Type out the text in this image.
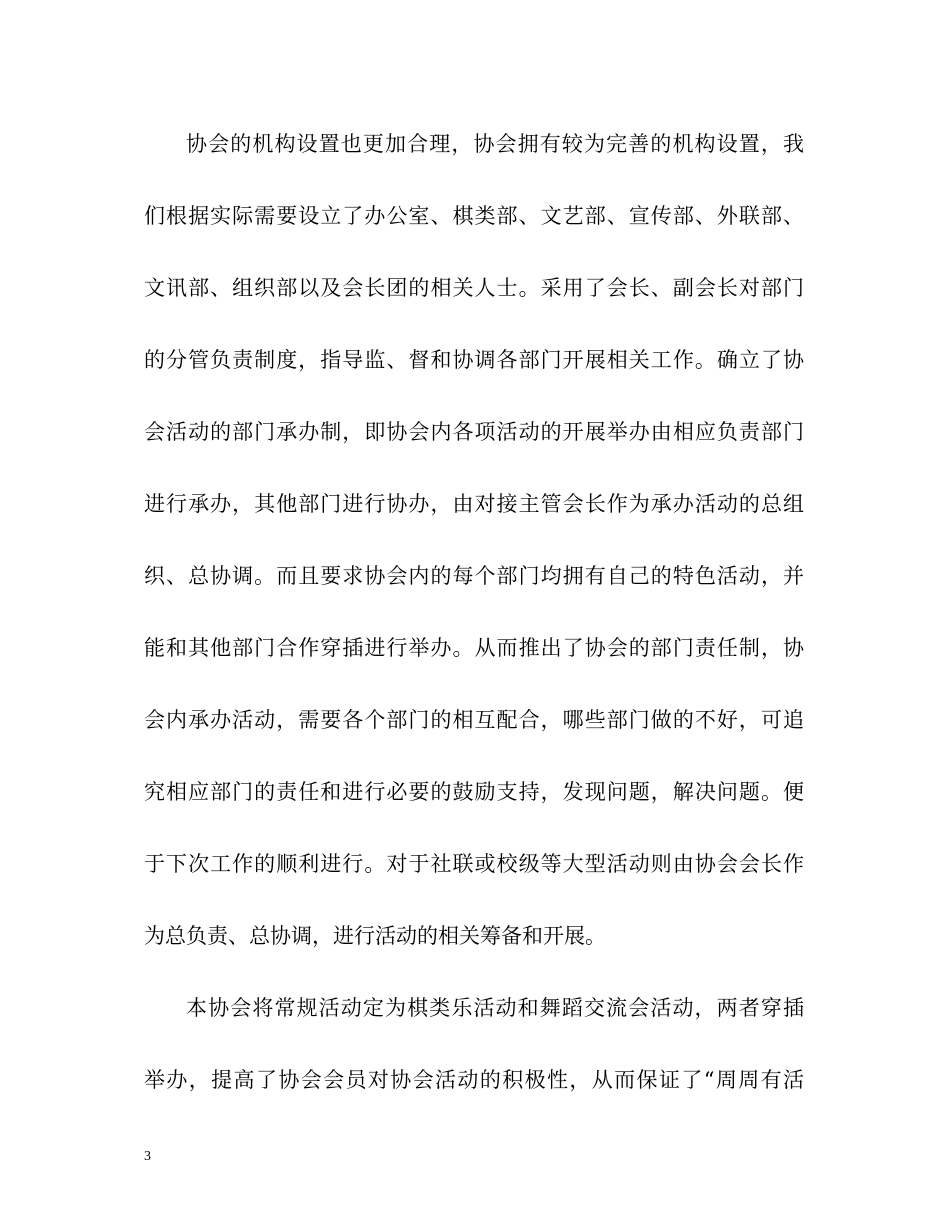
协会的机构设置也更加合理，协会拥有较为完善的机构设置，我
们根据实际需要设立了办公室、棋类部、文艺部、宣传部、外联部、
文讯部、组织部以及会长团的相关人士。采用了会长、副会长对部门
的分管负责制度，指导监、督和协调各部门开展相关工作。确立了协
会活动的部门承办制，即协会内各项活动的开展举办由相应负责部门
进行承办，其他部门进行协办，由对接主管会长作为承办活动的总组
织、总协调。而且要求协会内的每个部门均拥有自己的特色活动，并
能和其他部门合作穿插进行举办。从而推出了协会的部门责任制，协
会内承办活动，需要各个部门的相互配合，哪些部门做的不好，可追
究相应部门的责任和进行必要的鼓励支持，发现问题，解决问题。便
于下次工作的顺利进行。对于社联或校级等大型活动则由协会会长作
为总负责、总协调，进行活动的相关筹备和开展。
本协会将常规活动定为棋类乐活动和舞蹈交流会活动，两者穿插
举办，提高了协会会员对协会活动的积极性，从而保证了“周周有活
3
